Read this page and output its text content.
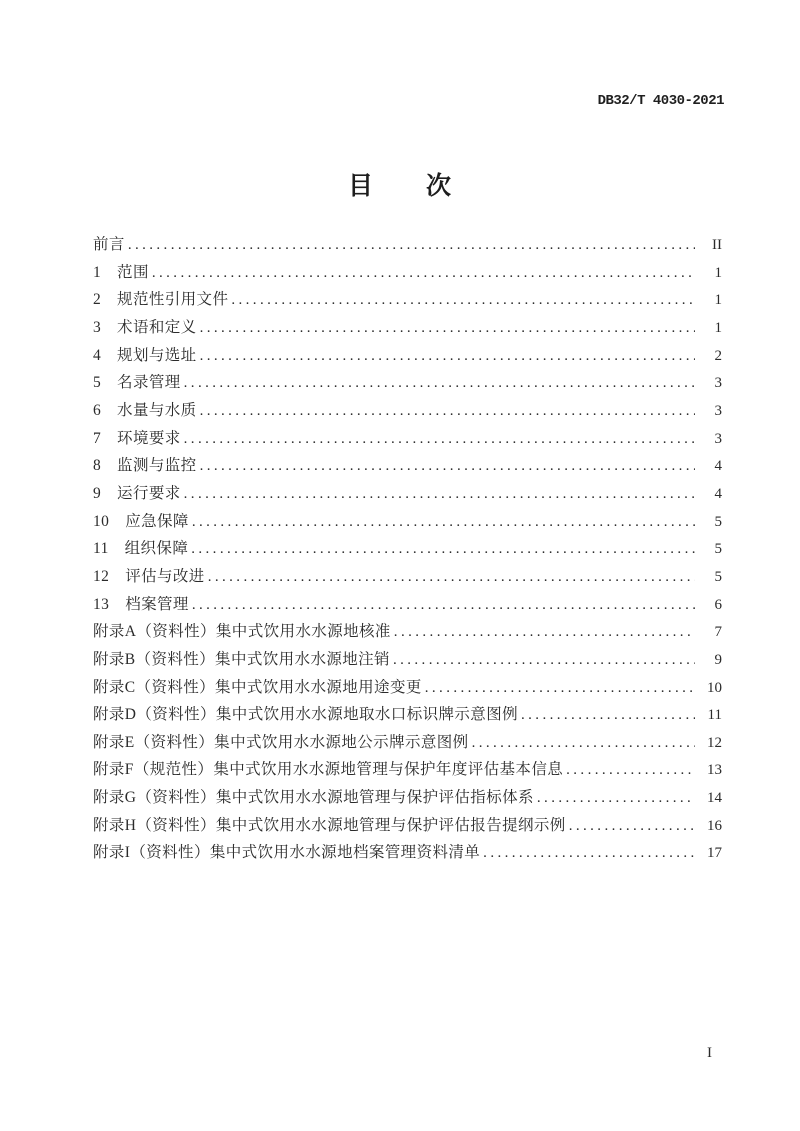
DB32/T 4030-2021
目　　次
前言 .....	II
1　范围 .....	1
2　规范性引用文件 .....	1
3　术语和定义 .....	1
4　规划与选址 .....	2
5　名录管理 .....	3
6　水量与水质 .....	3
7　环境要求 .....	3
8　监测与监控 .....	4
9　运行要求 .....	4
10　应急保障 .....	5
11　组织保障 .....	5
12　评估与改进 .....	5
13　档案管理 .....	6
附录A（资料性）集中式饮用水水源地核准 .....	7
附录B（资料性）集中式饮用水水源地注销 .....	9
附录C（资料性）集中式饮用水水源地用途变更 .....	10
附录D（资料性）集中式饮用水水源地取水口标识牌示意图例 .....	11
附录E（资料性）集中式饮用水水源地公示牌示意图例 .....	12
附录F（规范性）集中式饮用水水源地管理与保护年度评估基本信息 .....	13
附录G（资料性）集中式饮用水水源地管理与保护评估指标体系 .....	14
附录H（资料性）集中式饮用水水源地管理与保护评估报告提纲示例 .....	16
附录I（资料性）集中式饮用水水源地档案管理资料清单 .....	17
I
